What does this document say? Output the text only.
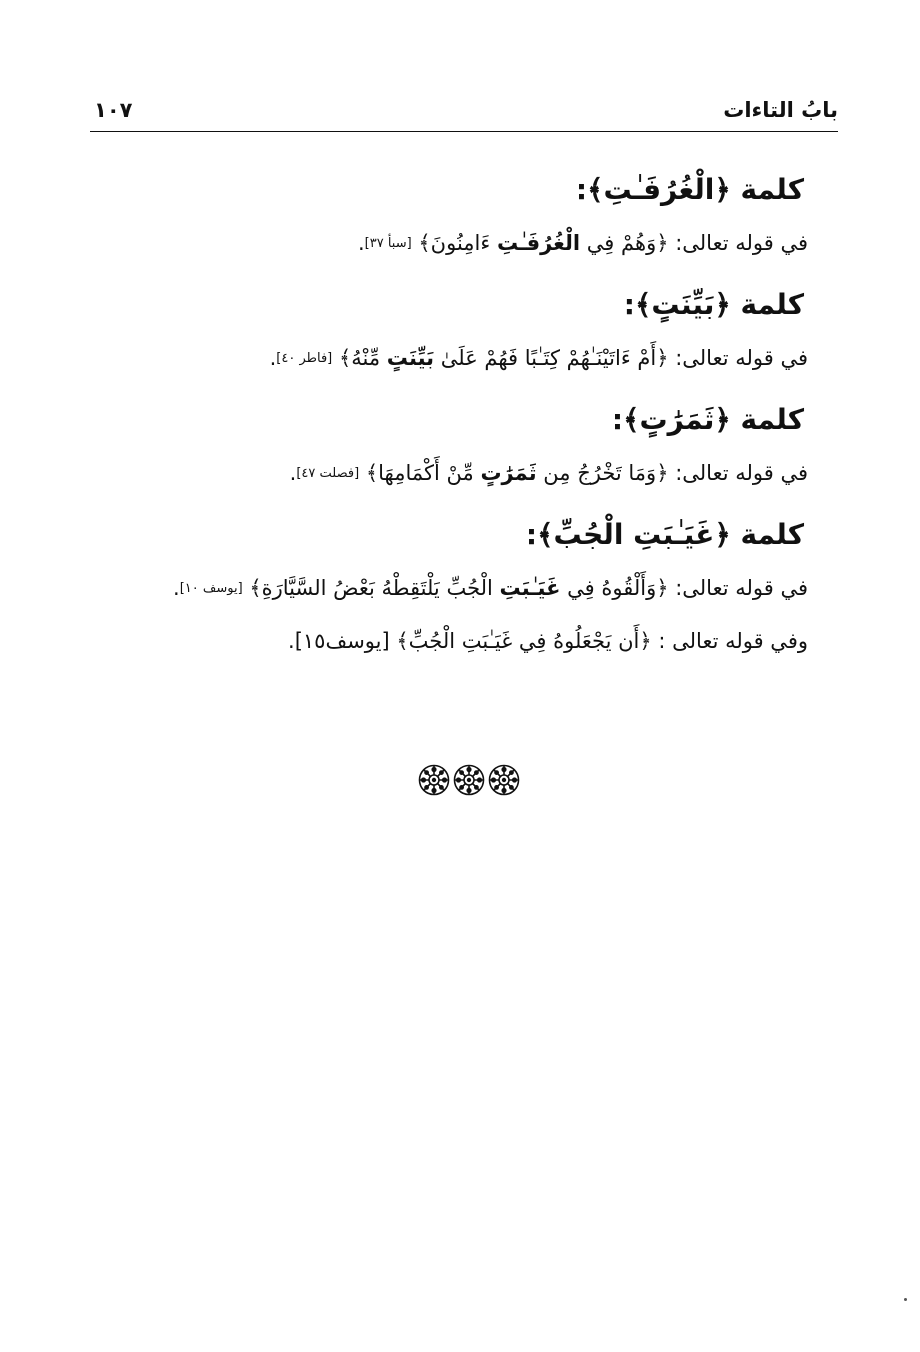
بابُ التاءات
١٠٧
كلمة ﴿الْغُرُفَـٰتِ﴾:
في قوله تعالى: ﴿وَهُمْ فِي الْغُرُفَـٰتِ ءَامِنُونَ﴾ [سبأ ٣٧].
كلمة ﴿بَيِّنَتٍ﴾:
في قوله تعالى: ﴿أَمْ ءَاتَيْنَـٰهُمْ كِتَـٰبًا فَهُمْ عَلَىٰ بَيِّنَتٍ مِّنْهُ﴾ [فاطر ٤٠].
كلمة ﴿ثَمَرَٰتٍ﴾:
في قوله تعالى: ﴿وَمَا تَخْرُجُ مِن ثَمَرَٰتٍ مِّنْ أَكْمَامِهَا﴾ [فصلت ٤٧].
كلمة ﴿غَيَـٰبَتِ الْجُبِّ﴾:
في قوله تعالى: ﴿وَأَلْقُوهُ فِي غَيَـٰبَتِ الْجُبِّ يَلْتَقِطْهُ بَعْضُ السَّيَّارَةِ﴾ [يوسف ١٠].
وفي قوله تعالى : ﴿أَن يَجْعَلُوهُ فِي غَيَـٰبَتِ الْجُبِّ﴾ [يوسف١٥].
